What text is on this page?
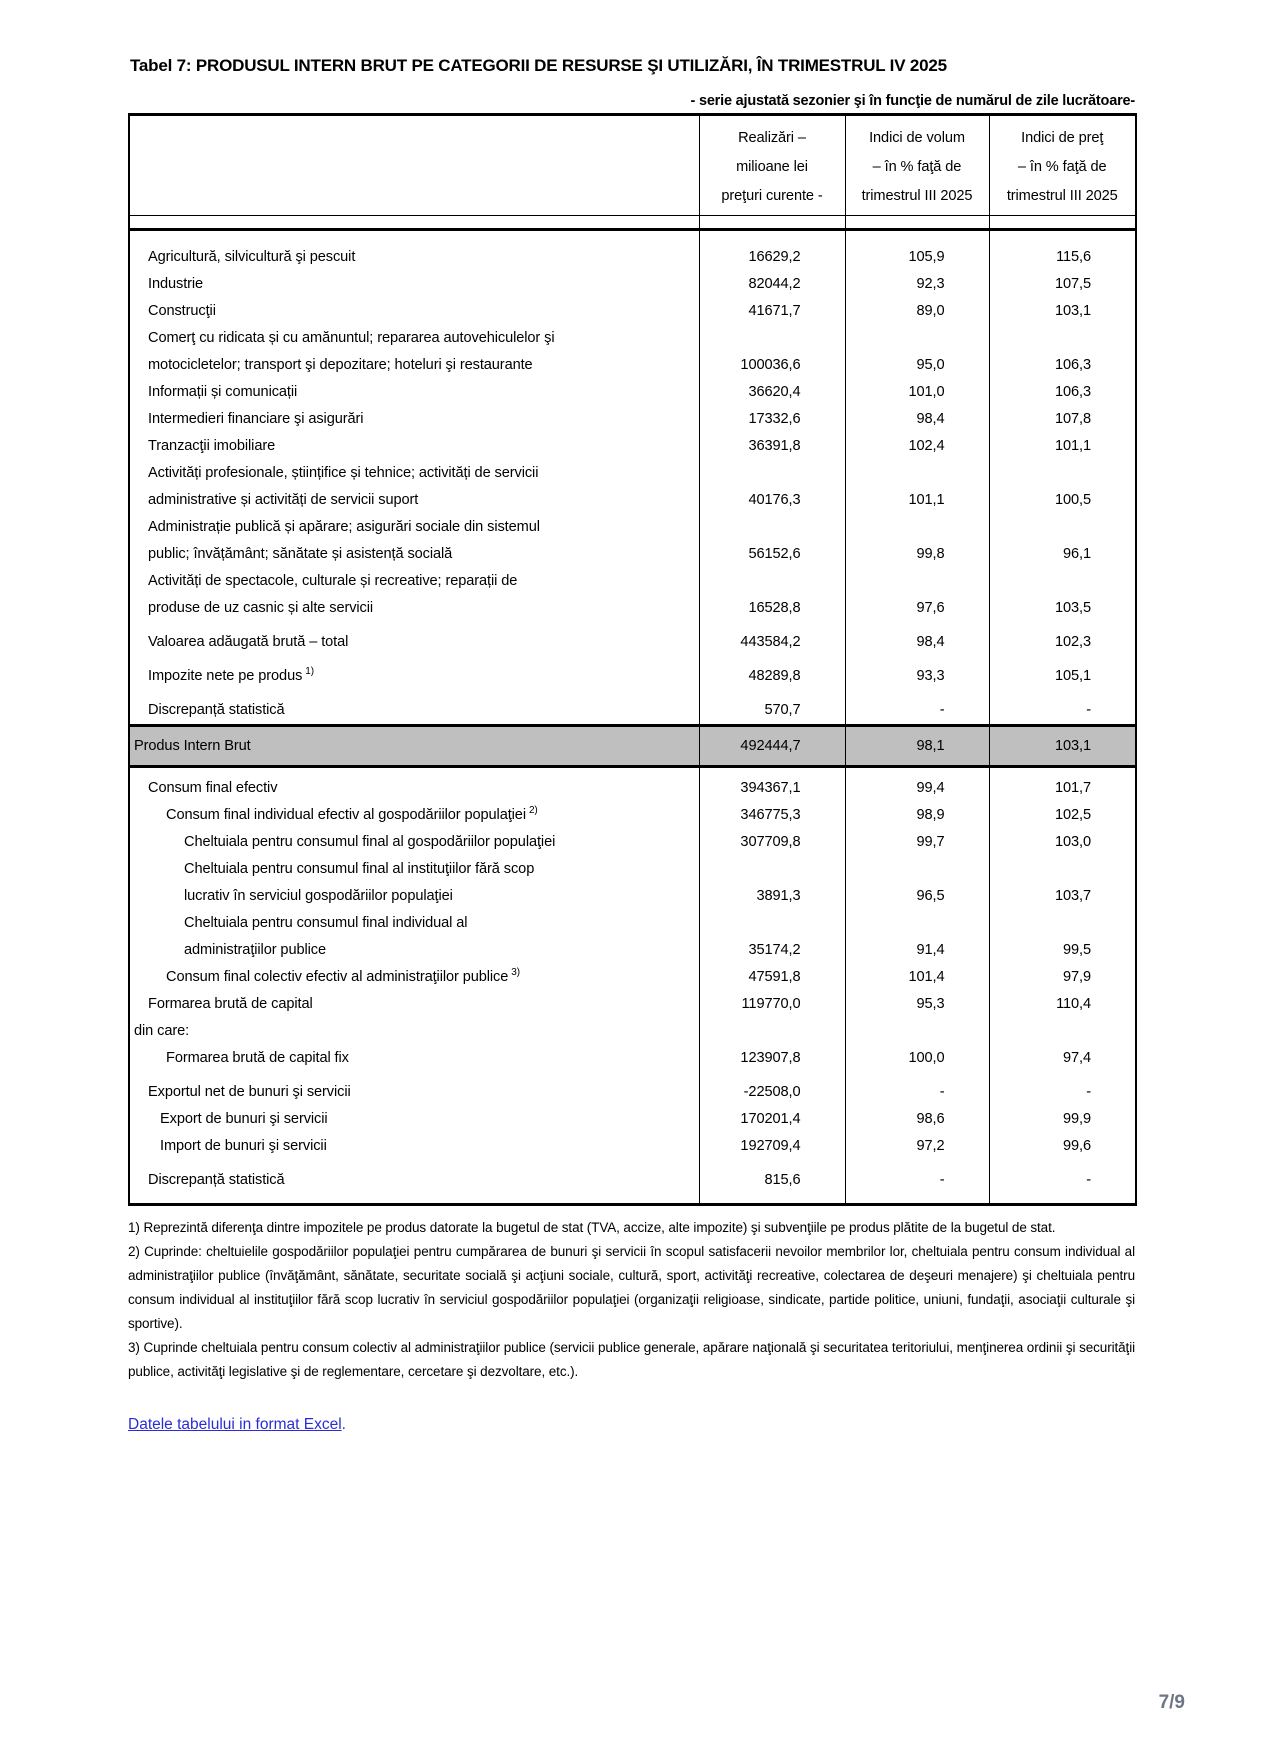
Tabel 7: PRODUSUL INTERN BRUT PE CATEGORII DE RESURSE ŞI UTILIZĂRI, ÎN TRIMESTRUL IV 2025
- serie ajustată sezonier şi în funcţie de numărul de zile lucrătoare-

	Realizări –
milioane lei
preţuri curente -	Indici de volum
– în % faţă de
trimestrul III 2025	Indici de preţ
– în % faţă de
trimestrul III 2025

Agricultură, silvicultură şi pescuit	16629,2	105,9	115,6

Industrie	82044,2	92,3	107,5

Construcţii	41671,7	89,0	103,1

Comerţ cu ridicata și cu amănuntul; repararea autovehiculelor şi
motocicletelor; transport şi depozitare; hoteluri şi restaurante	100036,6	95,0	106,3

Informații și comunicații	36620,4	101,0	106,3

Intermedieri financiare şi asigurări	17332,6	98,4	107,8

Tranzacţii imobiliare	36391,8	102,4	101,1

Activități profesionale, științifice și tehnice; activități de servicii
administrative și activități de servicii suport	40176,3	101,1	100,5

Administrație publică și apărare; asigurări sociale din sistemul
public; învățământ; sănătate și asistență socială	56152,6	99,8	96,1

Activități de spectacole, culturale și recreative; reparații de
produse de uz casnic și alte servicii	16528,8	97,6	103,5

Valoarea adăugată brută – total	443584,2	98,4	102,3

Impozite nete pe produs $^{1)}$	48289,8	93,3	105,1

Discrepanță statistică	570,7	-	-
Produs Intern Brut	492444,7	98,1	103,1

Consum final efectiv	394367,1	99,4	101,7

Consum final individual efectiv al gospodăriilor populaţiei $^{2)}$	346775,3	98,9	102,5

Cheltuiala pentru consumul final al gospodăriilor populaţiei	307709,8	99,7	103,0

Cheltuiala pentru consumul final al instituţiilor fără scop
lucrativ în serviciul gospodăriilor populaţiei	3891,3	96,5	103,7

Cheltuiala pentru consumul final individual al
administraţiilor publice	35174,2	91,4	99,5

Consum final colectiv efectiv al administraţiilor publice $^{3)}$	47591,8	101,4	97,9

Formarea brută de capital	119770,0	95,3	110,4

din care:			

Formarea brută de capital fix	123907,8	100,0	97,4

Exportul net de bunuri şi servicii	-22508,0	-	-

Export de bunuri şi servicii	170201,4	98,6	99,9

Import de bunuri şi servicii	192709,4	97,2	99,6

Discrepanță statistică	815,6	-	-

1) Reprezintă diferenţa dintre impozitele pe produs datorate la bugetul de stat (TVA, accize, alte impozite) şi subvenţiile pe produs plătite de la bugetul de stat.

2) Cuprinde: cheltuielile gospodăriilor populaţiei pentru cumpărarea de bunuri şi servicii în scopul satisfacerii nevoilor membrilor lor, cheltuiala pentru consum individual al administraţiilor publice (învăţământ, sănătate, securitate socială şi acţiuni sociale, cultură, sport, activităţi recreative, colectarea de deşeuri menajere) şi cheltuiala pentru consum individual al instituţiilor fără scop lucrativ în serviciul gospodăriilor populaţiei (organizaţii religioase, sindicate, partide politice, uniuni, fundaţii, asociaţii culturale şi sportive).

3) Cuprinde cheltuiala pentru consum colectiv al administraţiilor publice (servicii publice generale, apărare naţională şi securitatea teritoriului, menţinerea ordinii şi securităţii publice, activităţi legislative şi de reglementare, cercetare şi dezvoltare, etc.).

Datele tabelului in format Excel.
7/9
